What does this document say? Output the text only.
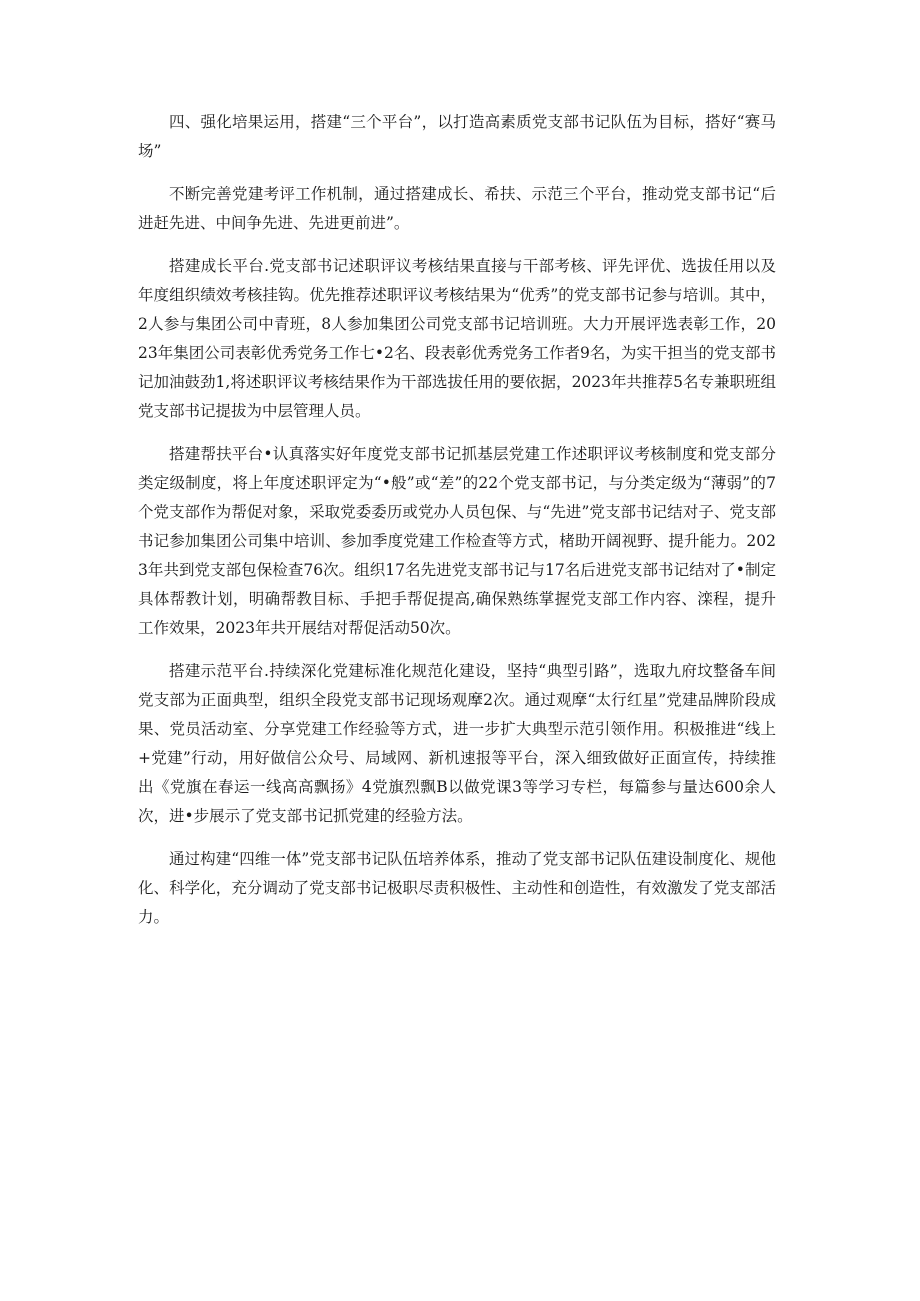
四、强化培果运用，搭建“三个平台”，以打造高素质党支部书记队伍为目标，搭好“赛马场”

不断完善党建考评工作机制，通过搭建成长、希扶、示范三个平台，推动党支部书记“后进赶先进、中间争先进、先进更前进”。

搭建成长平台.党支部书记述职评议考核结果直接与干部考核、评先评优、选拔任用以及年度组织绩效考核挂钩。优先推荐述职评议考核结果为“优秀”的党支部书记参与培训。其中，2人参与集团公司中青班，8人参加集团公司党支部书记培训班。大力开展评选表彰工作，2023年集团公司表彰优秀党务工作七•2名、段表彰优秀党务工作者9名，为实干担当的党支部书记加油鼓劲1,将述职评议考核结果作为干部选拔任用的要依据，2023年共推荐5名专兼职班组党支部书记提拔为中层管理人员。

搭建帮扶平台•认真落实好年度党支部书记抓基层党建工作述职评议考核制度和党支部分类定级制度，将上年度述职评定为“•般”或“差”的22个党支部书记，与分类定级为“薄弱”的7个党支部作为帮促对象，采取党委委历或党办人员包保、与“先进”党支部书记结对子、党支部书记参加集团公司集中培训、参加季度党建工作检查等方式，楮助开阔视野、提升能力。2023年共到党支部包保检查76次。组织17名先进党支部书记与17名后进党支部书记结对了•制定具体帮教计划，明确帮教目标、手把手帮促提高,确保熟练掌握党支部工作内容、滦程，提升工作效果，2023年共开展结对帮促活动50次。

搭建示范平台.持续深化党建标准化规范化建设，坚持“典型引路”，选取九府坟整备车间党支部为正面典型，组织全段党支部书记现场观摩2次。通过观摩“太行红星”党建品牌阶段成果、党员活动室、分享党建工作经验等方式，进一步扩大典型示范引领作用。积极推进“线上+党建”行动，用好做信公众号、局域网、新机速报等平台，深入细致做好正面宣传，持续推出《党旗在春运一线高高飘扬》4党旗烈飘B以做党课3等学习专栏，每篇参与量达600余人次，进•步展示了党支部书记抓党建的经验方法。

通过构建“四维一体”党支部书记队伍培养体系，推动了党支部书记队伍建设制度化、规他化、科学化，充分调动了党支部书记极职尽责积极性、主动性和创造性，有效激发了党支部活力。
